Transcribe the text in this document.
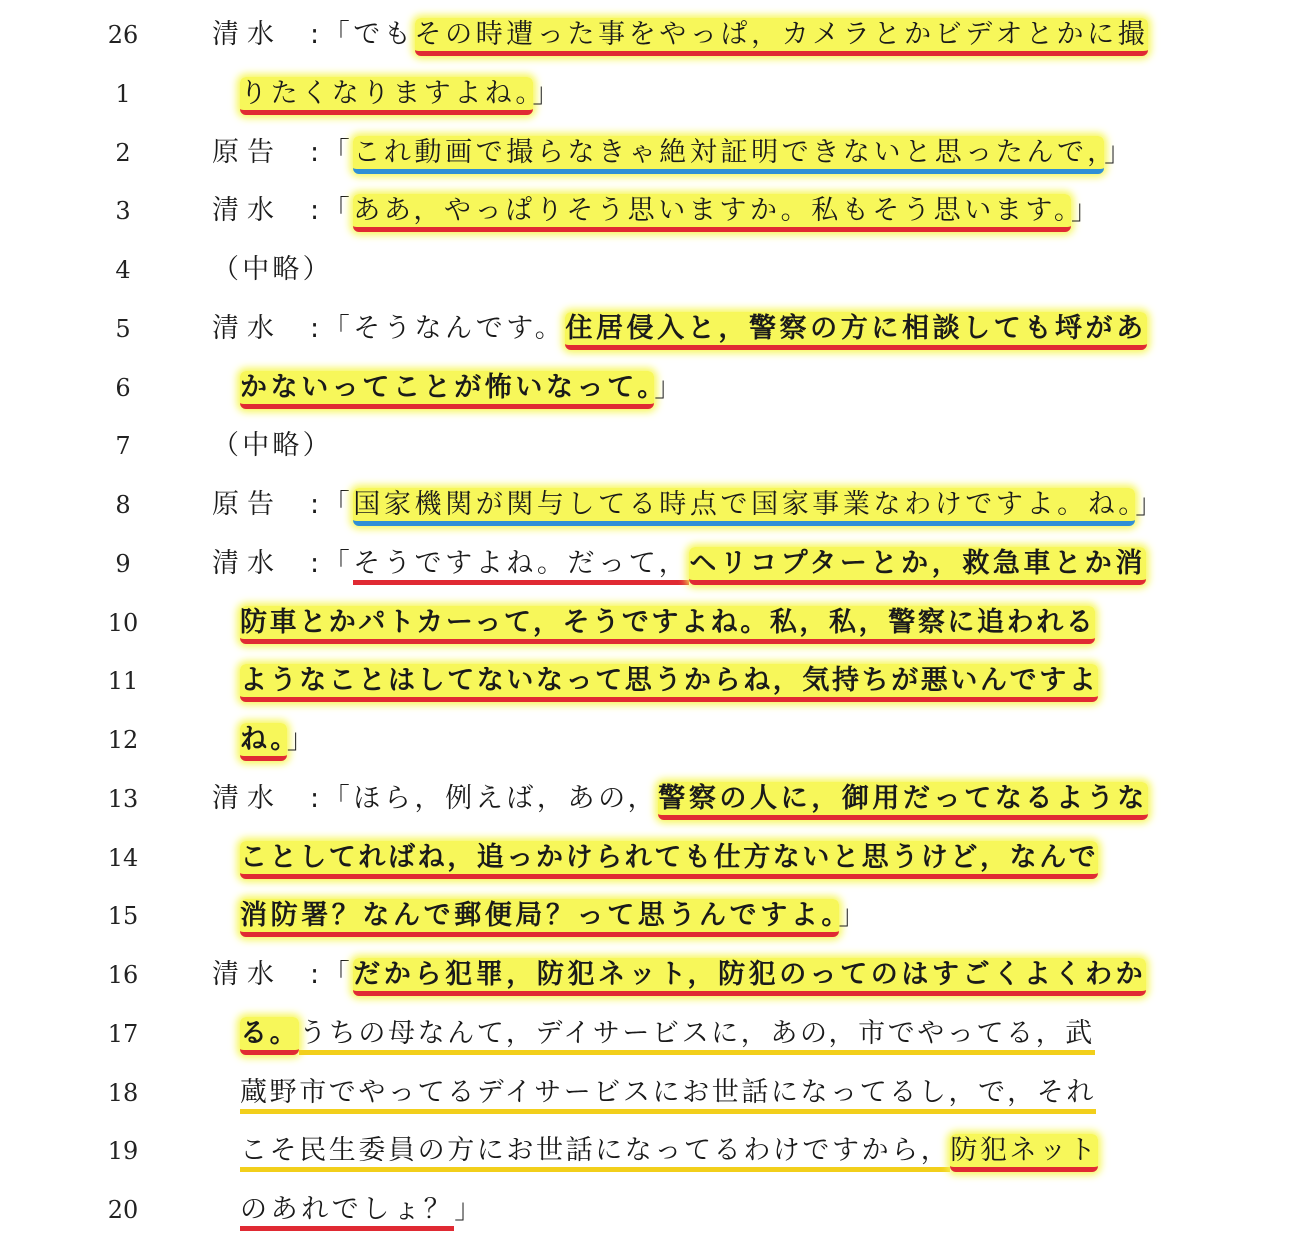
26	清水 :「でもその時遭った事をやっぱ，カメラとかビデオとかに撮
1	りたくなりますよね。」
2	原告 :「これ動画で撮らなきゃ絶対証明できないと思ったんで，」
3	清水 :「ああ，やっぱりそう思いますか。私もそう思います。」
4	（中略）
5	清水 :「そうなんです。住居侵入と，警察の方に相談しても埒があ
6	かないってことが怖いなって。」
7	（中略）
8	原告 :「国家機関が関与してる時点で国家事業なわけですよ。ね。」
9	清水 :「そうですよね。だって，ヘリコプターとか，救急車とか消
10	防車とかパトカーって，そうですよね。私，私，警察に追われる
11	ようなことはしてないなって思うからね，気持ちが悪いんですよ
12	ね。」
13	清水 :「ほら，例えば，あの，警察の人に，御用だってなるような
14	ことしてればね，追っかけられても仕方ないと思うけど，なんで
15	消防署？なんで郵便局？って思うんですよ。」
16	清水 :「だから犯罪，防犯ネット，防犯のってのはすごくよくわか
17	る。うちの母なんて，デイサービスに，あの，市でやってる，武
18	蔵野市でやってるデイサービスにお世話になってるし，で，それ
19	こそ民生委員の方にお世話になってるわけですから，防犯ネット
20	のあれでしょ？」
